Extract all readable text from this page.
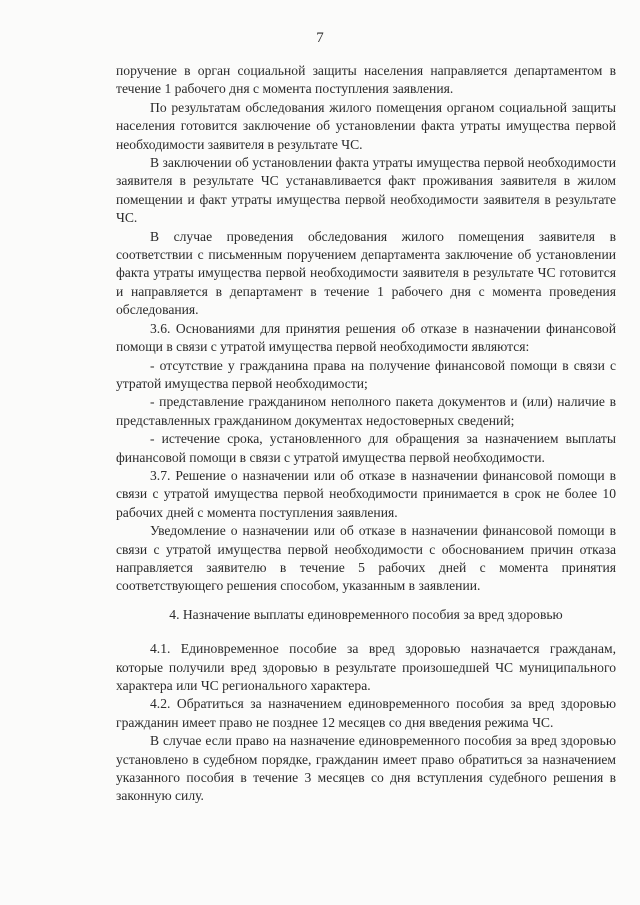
7

поручение в орган социальной защиты населения направляется департаментом в течение 1 рабочего дня с момента поступления заявления.

По результатам обследования жилого помещения органом социальной защиты населения готовится заключение об установлении факта утраты имущества первой необходимости заявителя в результате ЧС.

В заключении об установлении факта утраты имущества первой необходимости заявителя в результате ЧС устанавливается факт проживания заявителя в жилом помещении и факт утраты имущества первой необходимости заявителя в результате ЧС.

В случае проведения обследования жилого помещения заявителя в соответствии с письменным поручением департамента заключение об установлении факта утраты имущества первой необходимости заявителя в результате ЧС готовится и направляется в департамент в течение 1 рабочего дня с момента проведения обследования.

3.6. Основаниями для принятия решения об отказе в назначении финансовой помощи в связи с утратой имущества первой необходимости являются:

- отсутствие у гражданина права на получение финансовой помощи в связи с утратой имущества первой необходимости;

- представление гражданином неполного пакета документов и (или) наличие в представленных гражданином документах недостоверных сведений;

- истечение срока, установленного для обращения за назначением выплаты финансовой помощи в связи с утратой имущества первой необходимости.

3.7. Решение о назначении или об отказе в назначении финансовой помощи в связи с утратой имущества первой необходимости принимается в срок не более 10 рабочих дней с момента поступления заявления.

Уведомление о назначении или об отказе в назначении финансовой помощи в связи с утратой имущества первой необходимости с обоснованием причин отказа направляется заявителю в течение 5 рабочих дней с момента принятия соответствующего решения способом, указанным в заявлении.

4. Назначение выплаты единовременного пособия за вред здоровью

4.1. Единовременное пособие за вред здоровью назначается гражданам, которые получили вред здоровью в результате произошедшей ЧС муниципального характера или ЧС регионального характера.

4.2. Обратиться за назначением единовременного пособия за вред здоровью гражданин имеет право не позднее 12 месяцев со дня введения режима ЧС.

В случае если право на назначение единовременного пособия за вред здоровью установлено в судебном порядке, гражданин имеет право обратиться за назначением указанного пособия в течение 3 месяцев со дня вступления судебного решения в законную силу.
